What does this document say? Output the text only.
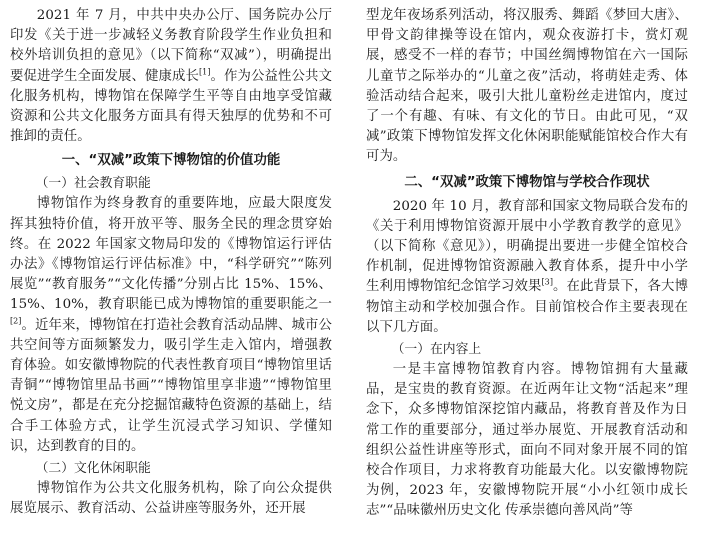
2021 年 7 月，中共中央办公厅、国务院办公厅印发《关于进一步减轻义务教育阶段学生作业负担和校外培训负担的意见》（以下简称“双减”），明确提出要促进学生全面发展、健康成长[1]。作为公益性公共文化服务机构，博物馆在保障学生平等自由地享受馆藏资源和公共文化服务方面具有得天独厚的优势和不可推卸的责任。

一、“双减”政策下博物馆的价值功能

（一）社会教育职能

博物馆作为终身教育的重要阵地，应最大限度发挥其独特价值，将开放平等、服务全民的理念贯穿始终。在 2022 年国家文物局印发的《博物馆运行评估办法》《博物馆运行评估标准》中，“科学研究”“陈列展览”“教育服务”“文化传播”分别占比 15%、15%、15%、10%，教育职能已成为博物馆的重要职能之一[2]。近年来，博物馆在打造社会教育活动品牌、城市公共空间等方面频繁发力，吸引学生走入馆内，增强教育体验。如安徽博物院的代表性教育项目“博物馆里话青铜”“博物馆里品书画”“博物馆里享非遗”“博物馆里悦文房”，都是在充分挖掘馆藏特色资源的基础上，结合手工体验方式，让学生沉浸式学习知识、学懂知识，达到教育的目的。

（二）文化休闲职能

博物馆作为公共文化服务机构，除了向公众提供展览展示、教育活动、公益讲座等服务外，还开展

型龙年夜场系列活动，将汉服秀、舞蹈《梦回大唐》、甲骨文韵律操等设在馆内，观众夜游打卡，赏灯观展，感受不一样的春节；中国丝绸博物馆在六一国际儿童节之际举办的“儿童之夜”活动，将萌娃走秀、体验活动结合起来，吸引大批儿童粉丝走进馆内，度过了一个有趣、有味、有文化的节日。由此可见，“双减”政策下博物馆发挥文化休闲职能赋能馆校合作大有可为。

二、“双减”政策下博物馆与学校合作现状

2020 年 10 月，教育部和国家文物局联合发布的《关于利用博物馆资源开展中小学教育教学的意见》（以下简称《意见》），明确提出要进一步健全馆校合作机制，促进博物馆资源融入教育体系，提升中小学生利用博物馆纪念馆学习效果[3]。在此背景下，各大博物馆主动和学校加强合作。目前馆校合作主要表现在以下几方面。

（一）在内容上

一是丰富博物馆教育内容。博物馆拥有大量藏品，是宝贵的教育资源。在近两年让文物“活起来”理念下，众多博物馆深挖馆内藏品，将教育普及作为日常工作的重要部分，通过举办展览、开展教育活动和组织公益性讲座等形式，面向不同对象开展不同的馆校合作项目，力求将教育功能最大化。以安徽博物院为例，2023 年，安徽博物院开展“小小红领巾成长志”“品味徽州历史文化 传承崇德向善风尚”等
